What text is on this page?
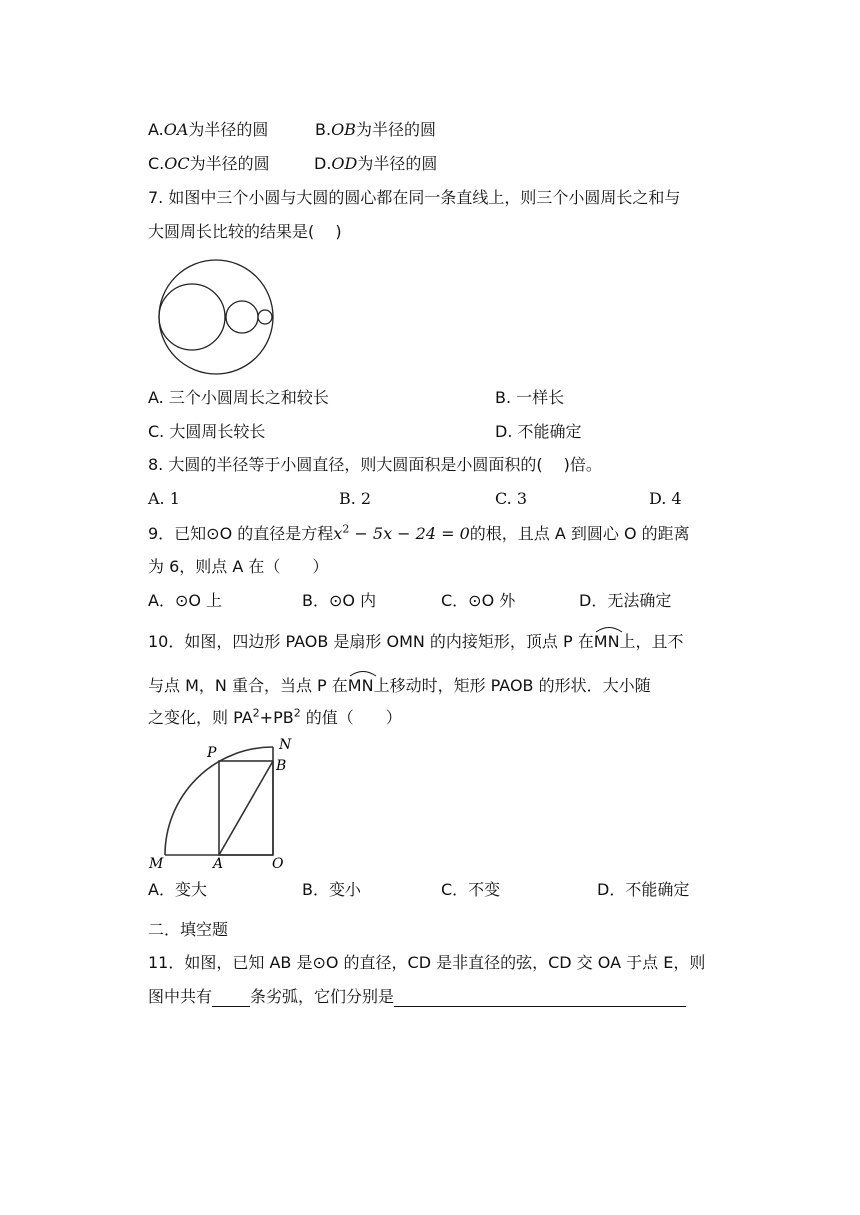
A.OA为半径的圆	B.OB为半径的圆
C.OC为半径的圆	D.OD为半径的圆
7. 如图中三个小圆与大圆的圆心都在同一条直线上，则三个小圆周长之和与
大圆周长比较的结果是(　 )
A. 三个小圆周长之和较长	B. 一样长
C. 大圆周长较长	D. 不能确定
8. 大圆的半径等于小圆直径，则大圆面积是小圆面积的(　 )倍。
A. 1	B. 2	C. 3	D. 4
9．已知⊙O 的直径是方程$x^2 - 5x - 24 = 0$的根，且点 A 到圆心 O 的距离
为 6，则点 A 在（　　）
A．⊙O 上	B．⊙O 内	C．⊙O 外	D．无法确定
10．如图，四边形 PAOB 是扇形 OMN 的内接矩形，顶点 P 在
MN上，且不
与点 M，N 重合，当点 P 在
MN上移动时，矩形 PAOB 的形状．大小随
之变化，则 $PA^2+PB^2$ 的值（　　）
P	N
B
M	A	O
A．变大	B．变小	C．不变	D．不能确定
二．填空题
11．如图，已知 AB 是⊙O 的直径，CD 是非直径的弦，CD 交 OA 于点 E，则
图中共有 条劣弧，它们分别是
